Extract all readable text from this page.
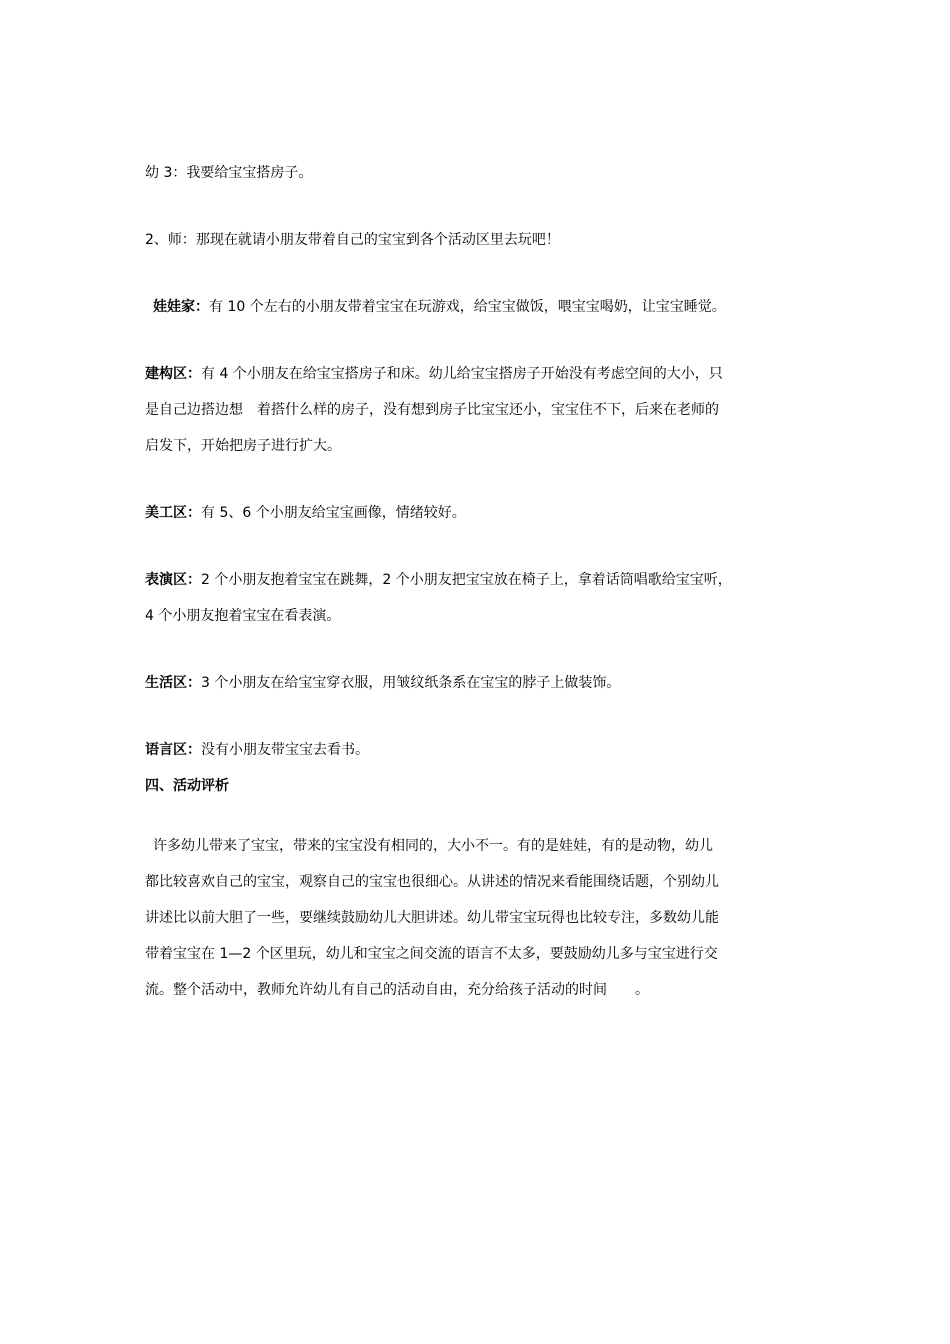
幼 3：我要给宝宝搭房子。

2、师：那现在就请小朋友带着自己的宝宝到各个活动区里去玩吧！

娃娃家：有 10 个左右的小朋友带着宝宝在玩游戏，给宝宝做饭，喂宝宝喝奶，让宝宝睡觉。

建构区：有 4 个小朋友在给宝宝搭房子和床。幼儿给宝宝搭房子开始没有考虑空间的大小，只

是自己边搭边想　着搭什么样的房子，没有想到房子比宝宝还小，宝宝住不下，后来在老师的

启发下，开始把房子进行扩大。

美工区：有 5、6 个小朋友给宝宝画像，情绪较好。

表演区：2 个小朋友抱着宝宝在跳舞，2 个小朋友把宝宝放在椅子上，拿着话筒唱歌给宝宝听，

4 个小朋友抱着宝宝在看表演。

生活区：3 个小朋友在给宝宝穿衣服，用皱纹纸条系在宝宝的脖子上做装饰。

语言区：没有小朋友带宝宝去看书。

四、活动评析

许多幼儿带来了宝宝，带来的宝宝没有相同的，大小不一。有的是娃娃，有的是动物，幼儿

都比较喜欢自己的宝宝，观察自己的宝宝也很细心。从讲述的情况来看能围绕话题，个别幼儿

讲述比以前大胆了一些，要继续鼓励幼儿大胆讲述。幼儿带宝宝玩得也比较专注，多数幼儿能

带着宝宝在 1—2 个区里玩，幼儿和宝宝之间交流的语言不太多，要鼓励幼儿多与宝宝进行交

流。整个活动中，教师允许幼儿有自己的活动自由，充分给孩子活动的时间　　。
